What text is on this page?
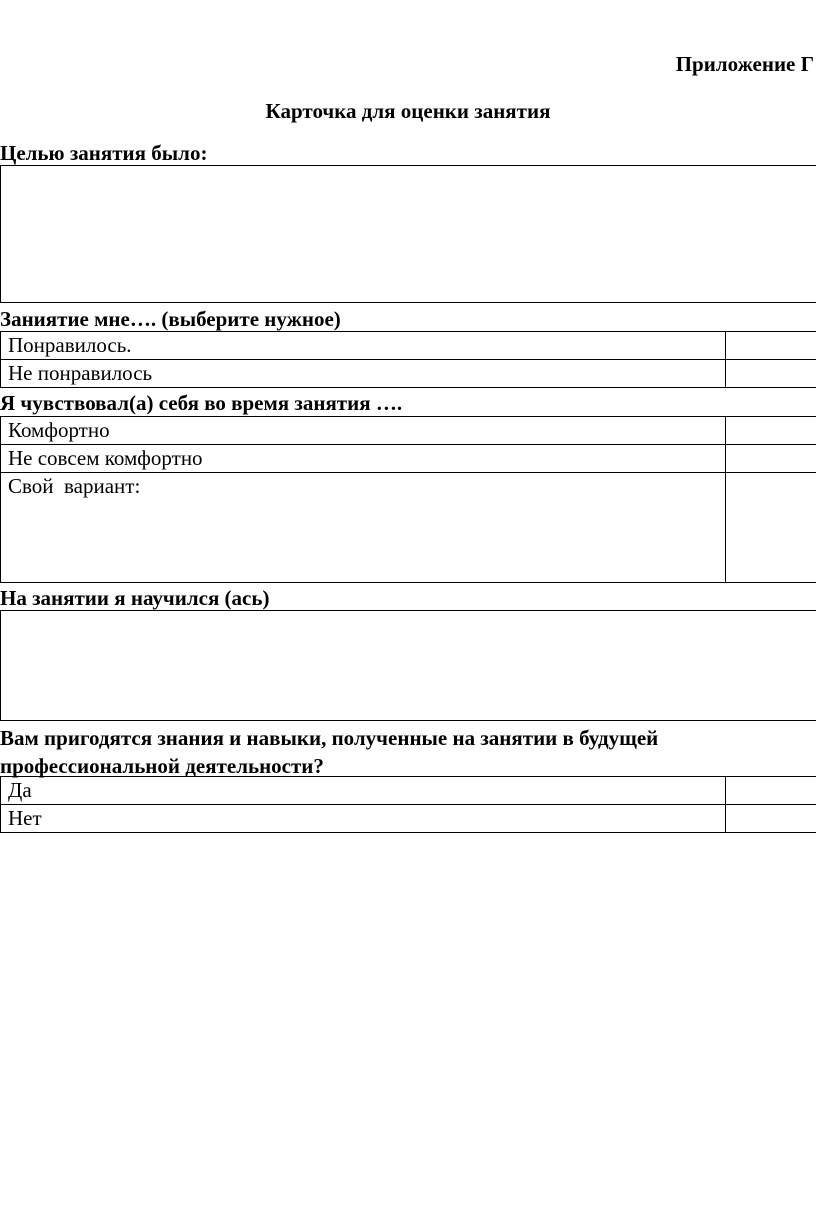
Приложение Г
Карточка для оценки занятия
Целью занятия было:
Заниятие мне…. (выберите нужное)
Понравилось.	
Не понравилось	
Я чувствовал(а) себя во время занятия ….
Комфортно	
Не совсем комфортно	
Свой  вариант:	
На занятии я научился (ась)
Вам пригодятся знания и навыки, полученные на занятии в будущей профессиональной деятельности?
Да	
Нет	
